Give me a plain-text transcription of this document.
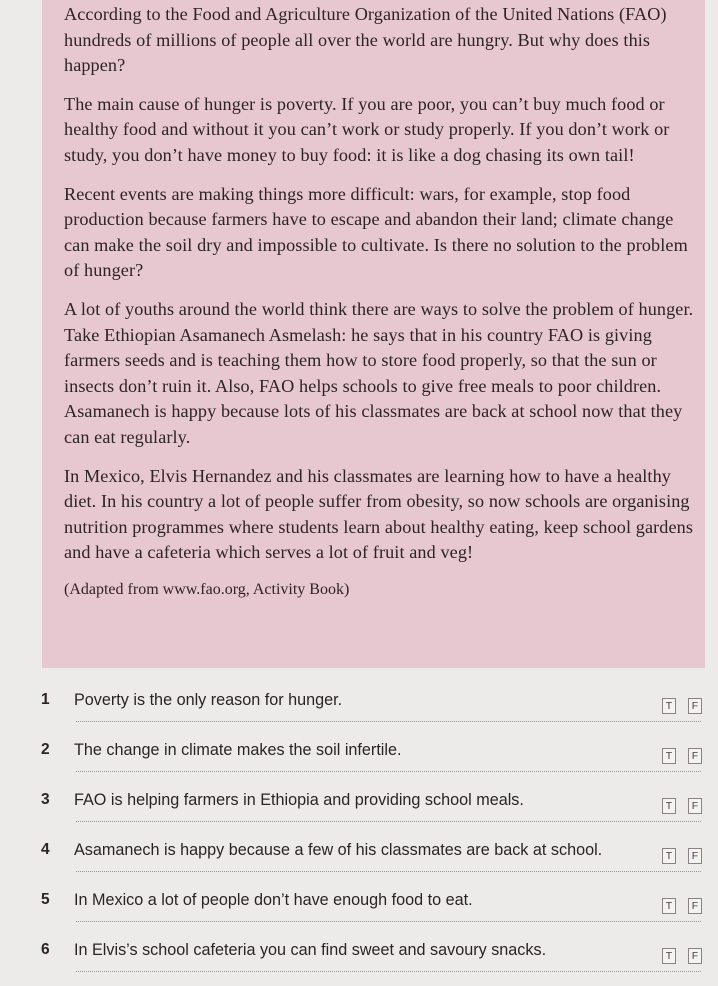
According to the Food and Agriculture Organization of the United Nations (FAO) hundreds of millions of people all over the world are hungry. But why does this happen?

The main cause of hunger is poverty. If you are poor, you can’t buy much food or healthy food and without it you can’t work or study properly. If you don’t work or study, you don’t have money to buy food: it is like a dog chasing its own tail!

Recent events are making things more difficult: wars, for example, stop food production because farmers have to escape and abandon their land; climate change can make the soil dry and impossible to cultivate. Is there no solution to the problem of hunger?

A lot of youths around the world think there are ways to solve the problem of hunger. Take Ethiopian Asamanech Asmelash: he says that in his country FAO is giving farmers seeds and is teaching them how to store food properly, so that the sun or insects don’t ruin it. Also, FAO helps schools to give free meals to poor children. Asamanech is happy because lots of his classmates are back at school now that they can eat regularly.

In Mexico, Elvis Hernandez and his classmates are learning how to have a healthy diet. In his country a lot of people suffer from obesity, so now schools are organising nutrition programmes where students learn about healthy eating, keep school gardens and have a cafeteria which serves a lot of fruit and veg!

(Adapted from www.fao.org, Activity Book)

1 Poverty is the only reason for hunger.	T	F
2 The change in climate makes the soil infertile.	T	F
3 FAO is helping farmers in Ethiopia and providing school meals.	T	F
4 Asamanech is happy because a few of his classmates are back at school.	T	F
5 In Mexico a lot of people don’t have enough food to eat.	T	F
6 In Elvis’s school cafeteria you can find sweet and savoury snacks.	T	F
